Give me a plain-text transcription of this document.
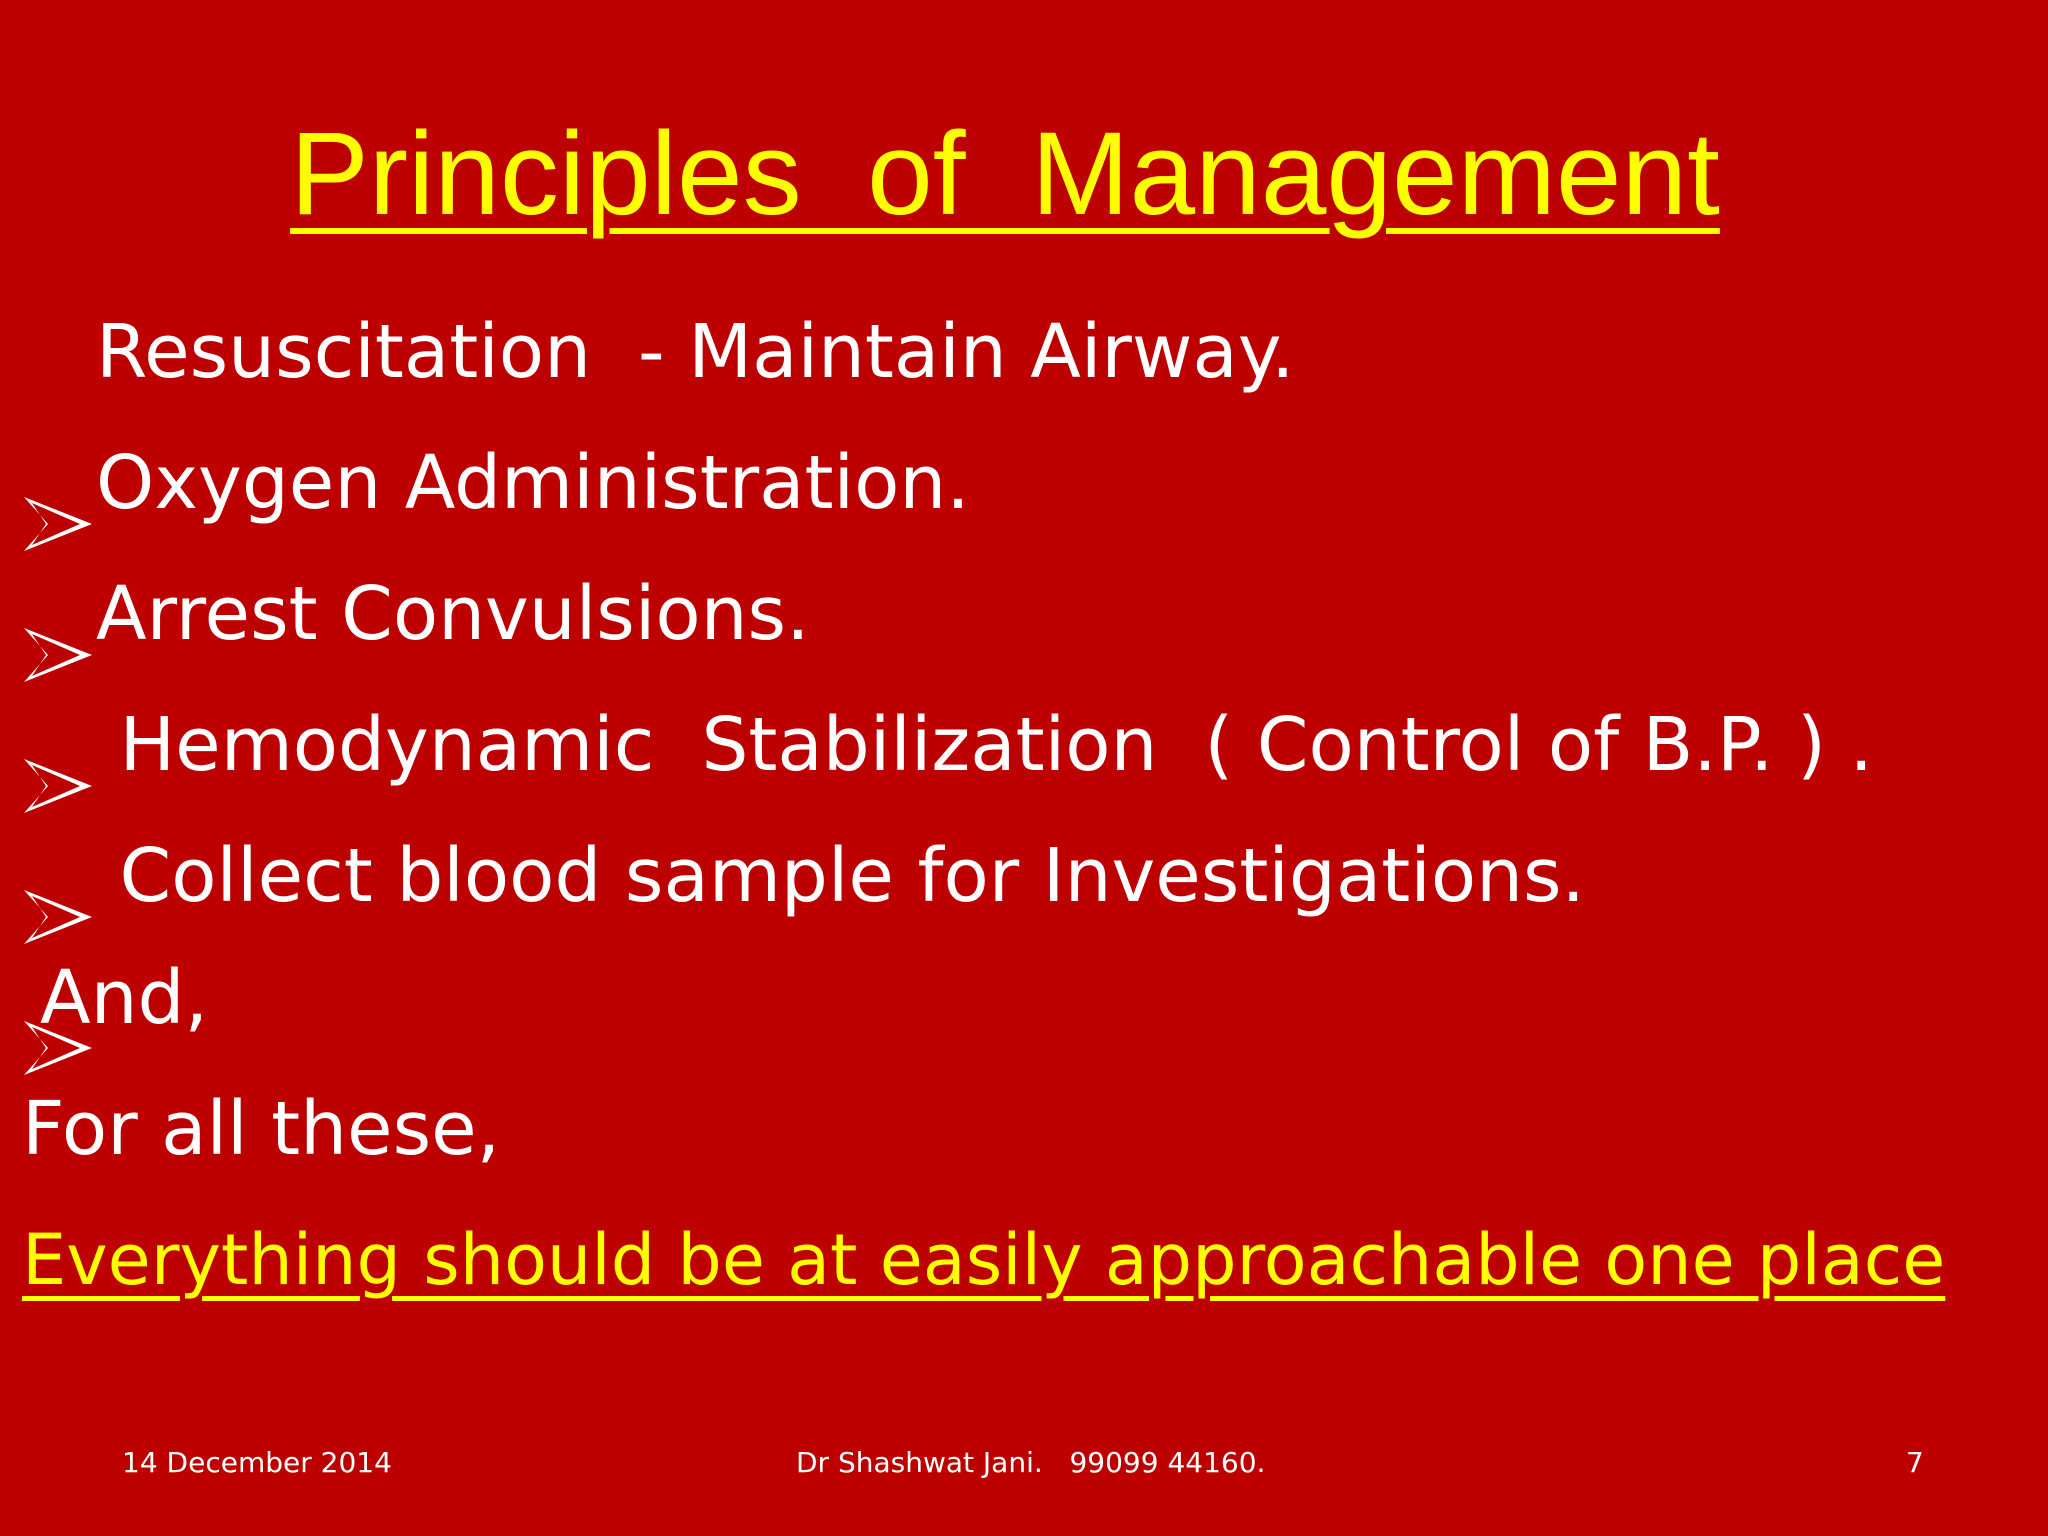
Principles  of  Management

Resuscitation  - Maintain Airway.

Oxygen Administration.

Arrest Convulsions.

Hemodynamic  Stabilization  ( Control of B.P. ) .

Collect blood sample for Investigations.
And,
For all these,
Everything should be at easily approachable one place
14 December 2014	Dr Shashwat Jani.   99099 44160.	7
